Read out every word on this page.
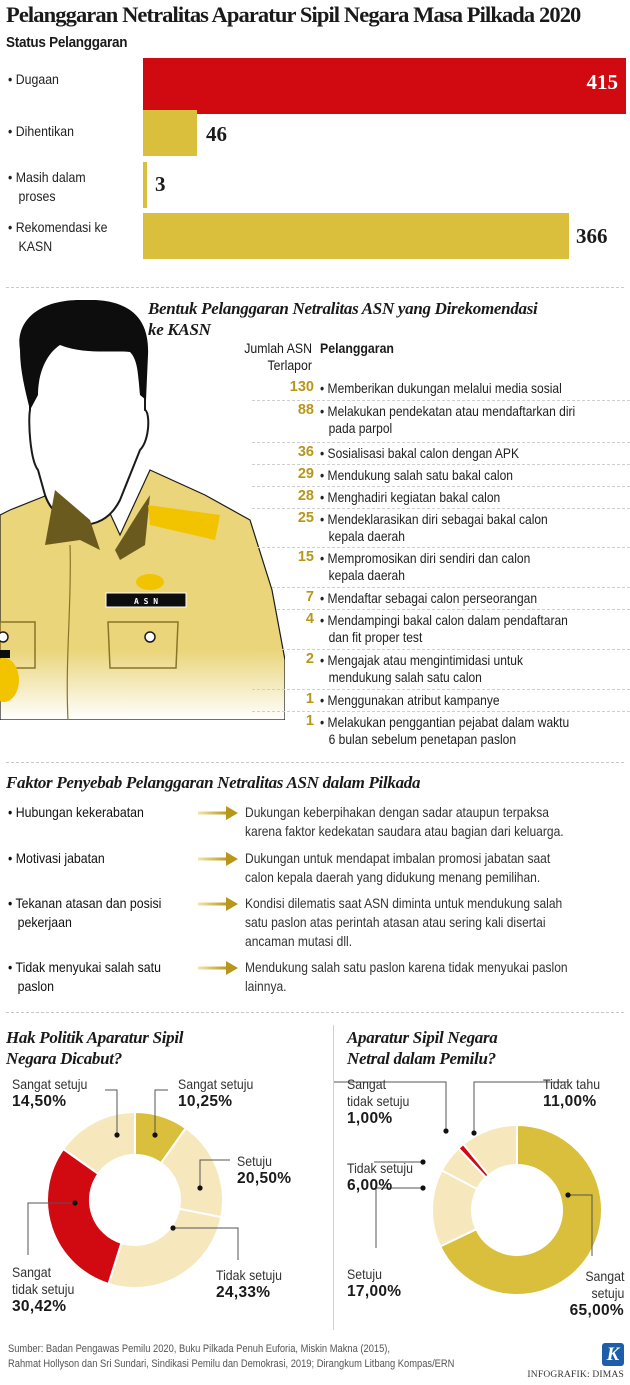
Pelanggaran Netralitas Aparatur Sipil Negara Masa Pilkada 2020
Status Pelanggaran
• Dugaan	415
• Dihentikan	46
• Masih dalam
proses	3
• Rekomendasi ke
KASN	366
A S N
Bentuk Pelanggaran Netralitas ASN yang Direkomendasi
ke KASN
Jumlah ASN
Terlapor
Pelanggaran
130 • Memberikan dukungan melalui media sosial
88 • Melakukan pendekatan atau mendaftarkan diri
pada parpol
36 • Sosialisasi bakal calon dengan APK
29 • Mendukung salah satu bakal calon
28 • Menghadiri kegiatan bakal calon
25 • Mendeklarasikan diri sebagai bakal calon
kepala daerah
15 • Mempromosikan diri sendiri dan calon
kepala daerah
7 • Mendaftar sebagai calon perseorangan
4 • Mendampingi bakal calon dalam pendaftaran
dan fit proper test
2 • Mengajak atau mengintimidasi untuk
mendukung salah satu calon
1 • Menggunakan atribut kampanye
1 • Melakukan penggantian pejabat dalam waktu
6 bulan sebelum penetapan paslon
Faktor Penyebab Pelanggaran Netralitas ASN dalam Pilkada
• Hubungan kekerabatan	Dukungan keberpihakan dengan sadar ataupun terpaksa
karena faktor kedekatan saudara atau bagian dari keluarga.
• Motivasi jabatan	Dukungan untuk mendapat imbalan promosi jabatan saat
calon kepala daerah yang didukung menang pemilihan.
• Tekanan atasan dan posisi
pekerjaan
Kondisi dilematis saat ASN diminta untuk mendukung salah
satu paslon atas perintah atasan atau sering kali disertai
ancaman mutasi dll.
• Tidak menyukai salah satu
paslon
Mendukung salah satu paslon karena tidak menyukai paslon
lainnya.
Hak Politik Aparatur Sipil
Negara Dicabut?
Sangat setuju
14,50%
Sangat setuju
10,25%
Setuju
20,50%
Tidak setuju
24,33%
Sangat
tidak setuju
30,42%
Aparatur Sipil Negara
Netral dalam Pemilu?
Sangat
tidak setuju
1,00%
Tidak tahu
11,00%
Tidak setuju
6,00%
Setuju
17,00%
Sangat
setuju
65,00%
Sumber: Badan Pengawas Pemilu 2020, Buku Pilkada Penuh Euforia, Miskin Makna (2015),
Rahmat Hollyson dan Sri Sundari, Sindikasi Pemilu dan Demokrasi, 2019; Dirangkum Litbang Kompas/ERN	K
INFOGRAFIK: DIMAS
